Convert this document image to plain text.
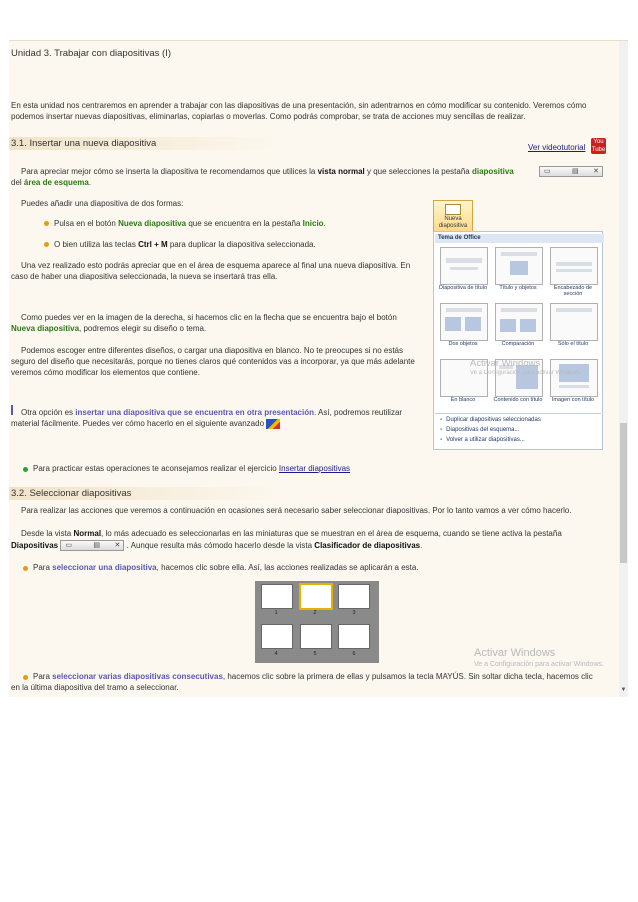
Unidad 3. Trabajar con diapositivas (I)
En esta unidad nos centraremos en aprender a trabajar con las diapositivas de una presentación, sin adentrarnos en cómo modificar su contenido. Veremos cómo podemos insertar nuevas diapositivas, eliminarlas, copiarlas o moverlas. Como podrás comprobar, se trata de acciones muy sencillas de realizar.
3.1. Insertar una nueva diapositiva	Ver videotutorial
You Tube
Para apreciar mejor cómo se inserta la diapositiva te recomendamos que utilices la vista normal y que selecciones la pestaña diapositiva	▭	▤ ✕
del área de esquema.
Puedes añadir una diapositiva de dos formas:
Pulsa en el botón Nueva diapositiva que se encuentra en la pestaña Inicio.
O bien utiliza las teclas Ctrl + M para duplicar la diapositiva seleccionada.
Una vez realizado esto podrás apreciar que en el área de esquema aparece al final una nueva diapositiva. En
caso de haber una diapositiva seleccionada, la nueva se insertará tras ella.
Como puedes ver en la imagen de la derecha, si hacemos clic en la flecha que se encuentra bajo el botón
Nueva diapositiva, podremos elegir su diseño o tema.
Podemos escoger entre diferentes diseños, o cargar una diapositiva en blanco. No te preocupes si no estás
seguro del diseño que necesitarás, porque no tienes claros qué contenidos vas a incorporar, ya que más adelante
veremos cómo modificar los elementos que contiene.
Otra opción es insertar una diapositiva que se encuentra en otra presentación. Así, podremos reutilizar
material fácilmente. Puedes ver cómo hacerlo en el siguiente avanzado
Nueva diapositiva
Tema de Office
Diapositiva de título	Título y objetos	Encabezado de sección
Dos objetos	Comparación	Sólo el título
En blanco	Contenido con título	Imagen con título
▪ Duplicar diapositivas seleccionadas
▪ Diapositivas del esquema...
▪ Volver a utilizar diapositivas...
Activar Windows
Ve a Configuración para activar Windows.
Para practicar estas operaciones te aconsejamos realizar el ejercicio Insertar diapositivas
3.2. Seleccionar diapositivas
Para realizar las acciones que veremos a continuación en ocasiones será necesario saber seleccionar diapositivas. Por lo tanto vamos a ver cómo hacerlo.
Desde la vista Normal, lo más adecuado es seleccionarlas en las miniaturas que se muestran en el área de esquema, cuando se tiene activa la pestaña
Diapositivas ▭	▤ ✕ . Aunque resulta más cómodo hacerlo desde la vista Clasificador de diapositivas.
Para seleccionar una diapositiva, hacemos clic sobre ella. Así, las acciones realizadas se aplicarán a esta.
1	2	3
4	5	6	Activar Windows
Ve a Configuración para activar Windows.
Para seleccionar varias diapositivas consecutivas, hacemos clic sobre la primera de ellas y pulsamos la tecla MAYÚS. Sin soltar dicha tecla, hacemos clic
en la última diapositiva del tramo a seleccionar.	▼
